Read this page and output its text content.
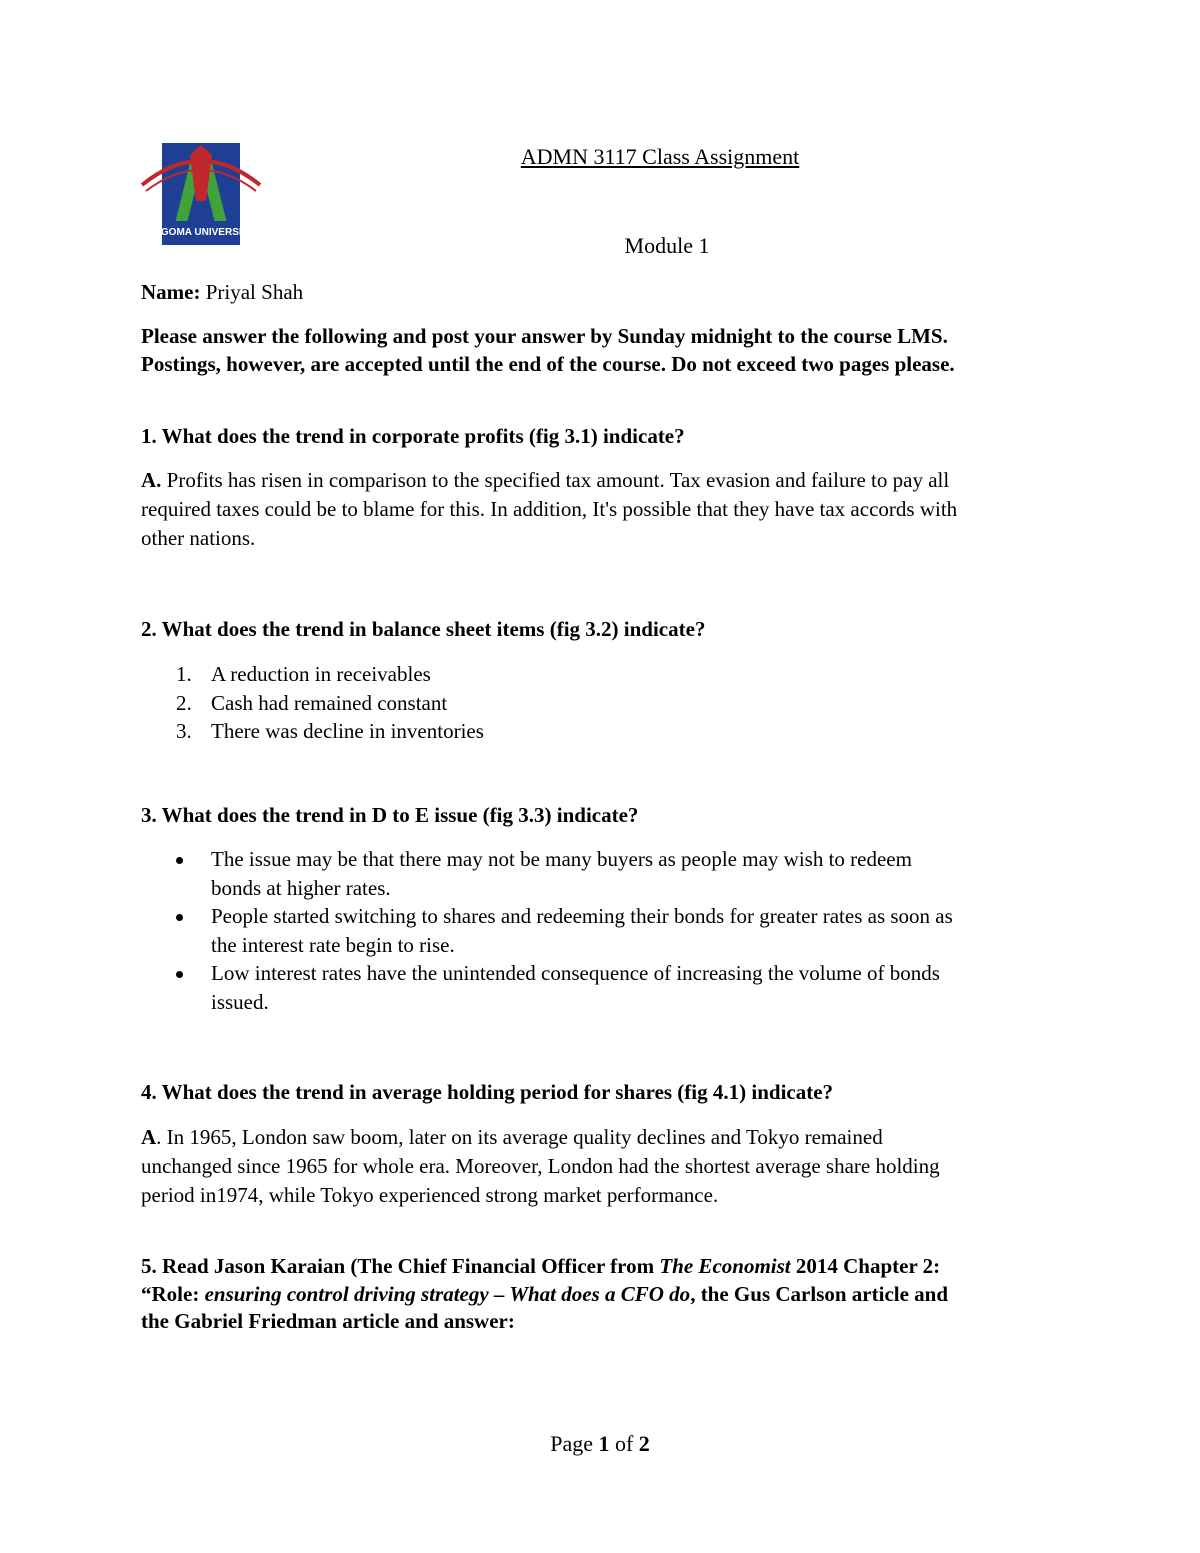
ALGOMA UNIVERSITY
ADMN 3117 Class Assignment
Module 1
Name: Priyal Shah
Please answer the following and post your answer by Sunday midnight to the course LMS.
Postings, however, are accepted until the end of the course. Do not exceed two pages please.
1. What does the trend in corporate profits (fig 3.1) indicate?
A. Profits has risen in comparison to the specified tax amount. Tax evasion and failure to pay all
required taxes could be to blame for this. In addition, It's possible that they have tax accords with
other nations.
2. What does the trend in balance sheet items (fig 3.2) indicate?
1. A reduction in receivables
2. Cash had remained constant
3. There was decline in inventories
3. What does the trend in D to E issue (fig 3.3) indicate?
The issue may be that there may not be many buyers as people may wish to redeem
bonds at higher rates.
People started switching to shares and redeeming their bonds for greater rates as soon as
the interest rate begin to rise.
Low interest rates have the unintended consequence of increasing the volume of bonds
issued.
4. What does the trend in average holding period for shares (fig 4.1) indicate?
A. In 1965, London saw boom, later on its average quality declines and Tokyo remained
unchanged since 1965 for whole era. Moreover, London had the shortest average share holding
period in1974, while Tokyo experienced strong market performance.
5. Read Jason Karaian (The Chief Financial Officer from The Economist 2014 Chapter 2:
“Role: ensuring control driving strategy – What does a CFO do, the Gus Carlson article and
the Gabriel Friedman article and answer:
Page 1 of 2
